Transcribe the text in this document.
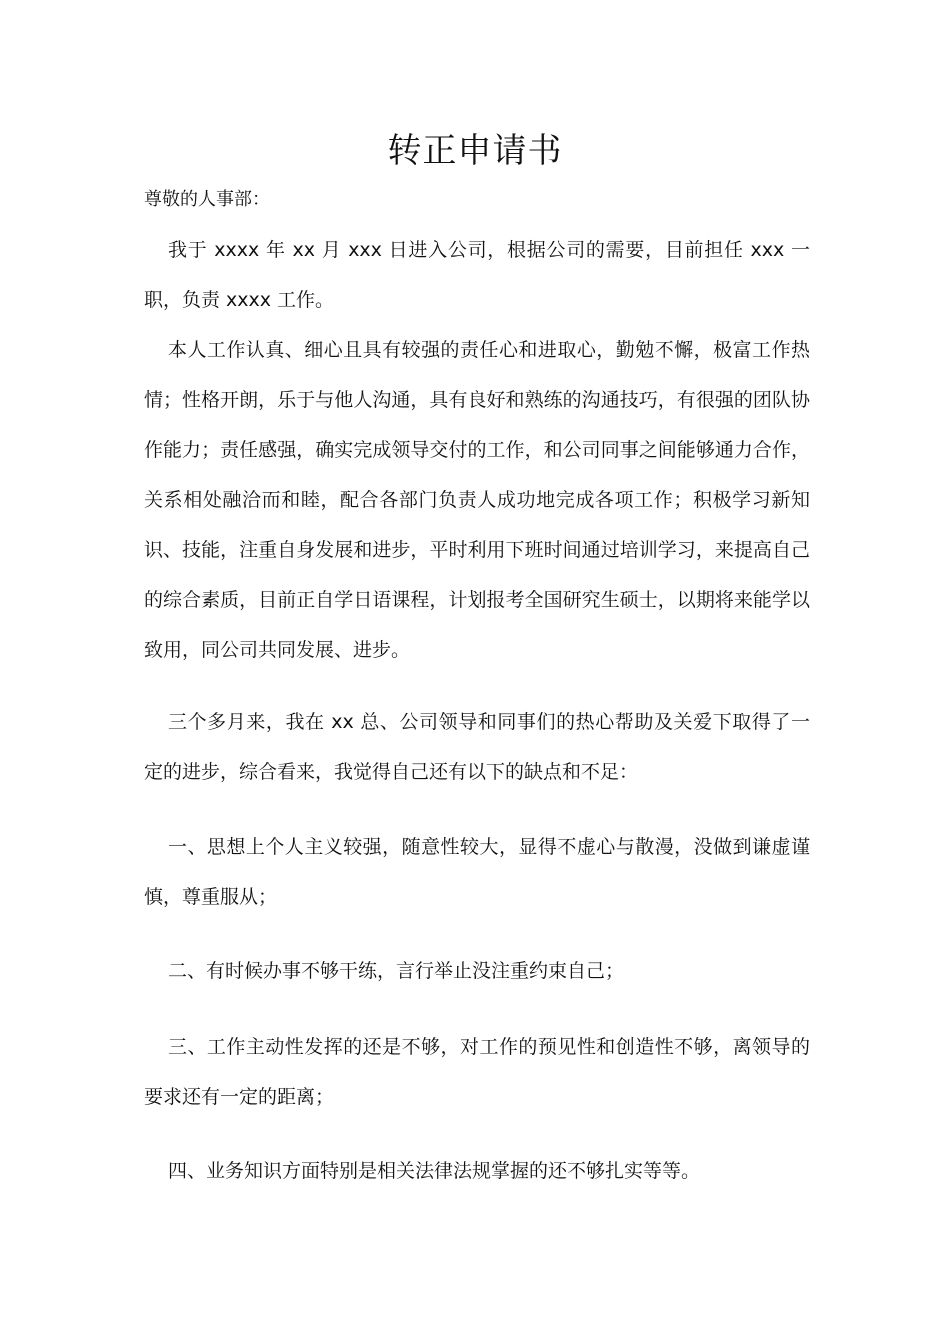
转正申请书

尊敬的人事部：

我于 xxxx 年 xx 月 xxx 日进入公司，根据公司的需要，目前担任 xxx 一职，负责 xxxx 工作。

本人工作认真、细心且具有较强的责任心和进取心，勤勉不懈，极富工作热情；性格开朗，乐于与他人沟通，具有良好和熟练的沟通技巧，有很强的团队协作能力；责任感强，确实完成领导交付的工作，和公司同事之间能够通力合作，关系相处融洽而和睦，配合各部门负责人成功地完成各项工作；积极学习新知识、技能，注重自身发展和进步，平时利用下班时间通过培训学习，来提高自己的综合素质，目前正自学日语课程，计划报考全国研究生硕士，以期将来能学以致用，同公司共同发展、进步。

三个多月来，我在 xx 总、公司领导和同事们的热心帮助及关爱下取得了一定的进步，综合看来，我觉得自己还有以下的缺点和不足：

一、思想上个人主义较强，随意性较大，显得不虚心与散漫，没做到谦虚谨慎，尊重服从；

二、有时候办事不够干练，言行举止没注重约束自己；

三、工作主动性发挥的还是不够，对工作的预见性和创造性不够，离领导的要求还有一定的距离；

四、业务知识方面特别是相关法律法规掌握的还不够扎实等等。
